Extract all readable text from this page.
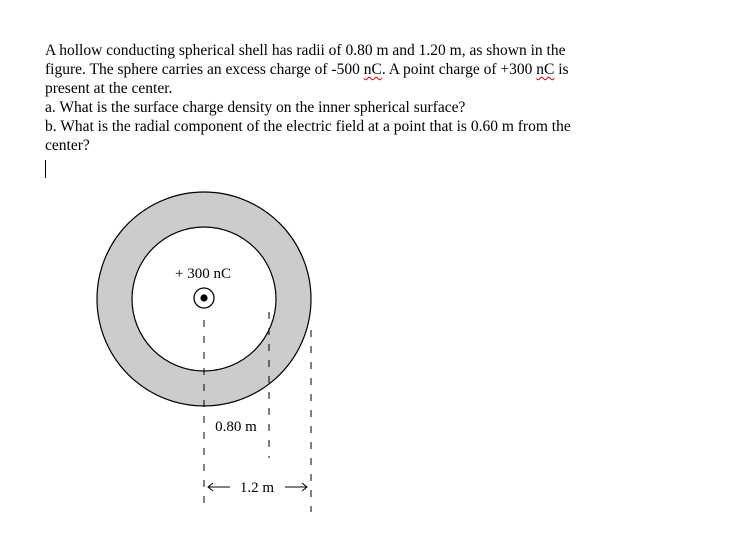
A hollow conducting spherical shell has radii of 0.80 m and 1.20 m, as shown in the

figure. The sphere carries an excess charge of -500 nC. A point charge of +300 nC is

present at the center.

a. What is the surface charge density on the inner spherical surface?

b. What is the radial component of the electric field at a point that is 0.60 m from the

center?

+ 300 nC
0.80 m
1.2 m
